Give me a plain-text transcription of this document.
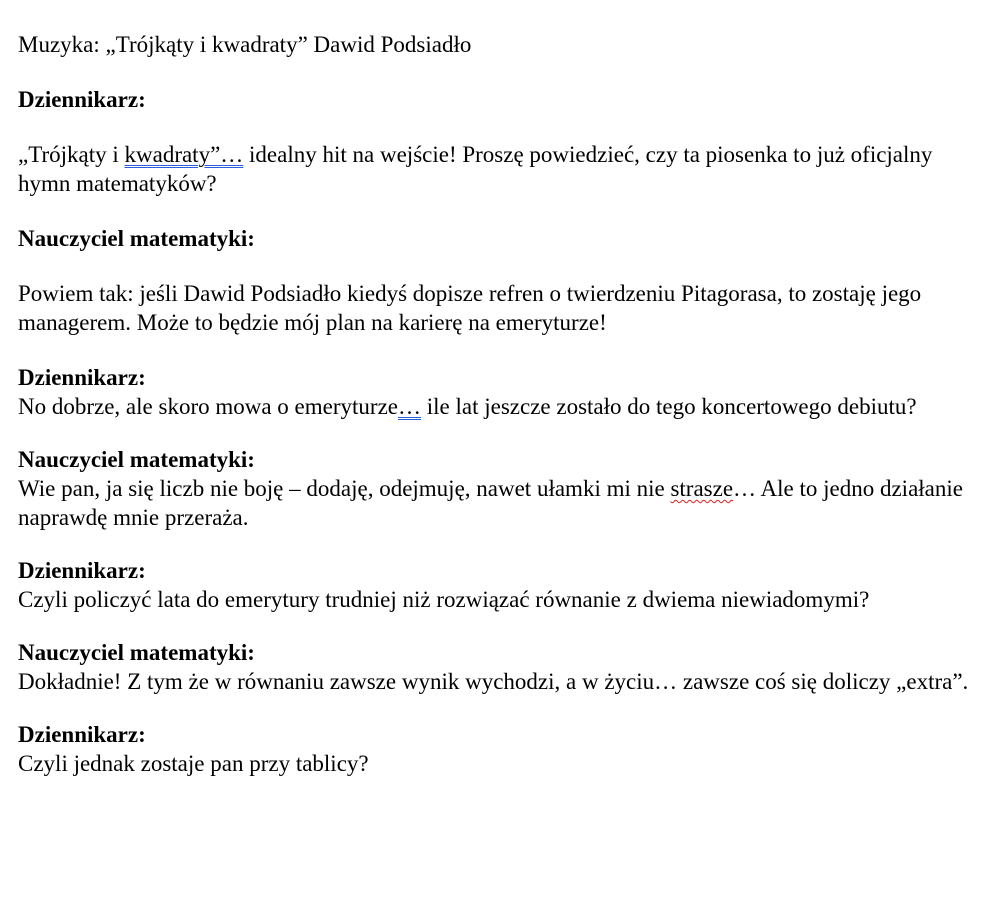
Muzyka: „Trójkąty i kwadraty” Dawid Podsiadło

Dziennikarz:

„Trójkąty i kwadraty”… idealny hit na wejście! Proszę powiedzieć, czy ta piosenka to już oficjalny hymn matematyków?

Nauczyciel matematyki:

Powiem tak: jeśli Dawid Podsiadło kiedyś dopisze refren o twierdzeniu Pitagorasa, to zostaję jego managerem. Może to będzie mój plan na karierę na emeryturze!

Dziennikarz:

No dobrze, ale skoro mowa o emeryturze… ile lat jeszcze zostało do tego koncertowego debiutu?

Nauczyciel matematyki:

Wie pan, ja się liczb nie boję – dodaję, odejmuję, nawet ułamki mi nie strasze… Ale to jedno działanie naprawdę mnie przeraża.

Dziennikarz:

Czyli policzyć lata do emerytury trudniej niż rozwiązać równanie z dwiema niewiadomymi?

Nauczyciel matematyki:

Dokładnie! Z tym że w równaniu zawsze wynik wychodzi, a w życiu… zawsze coś się doliczy „extra”.

Dziennikarz:

Czyli jednak zostaje pan przy tablicy?
